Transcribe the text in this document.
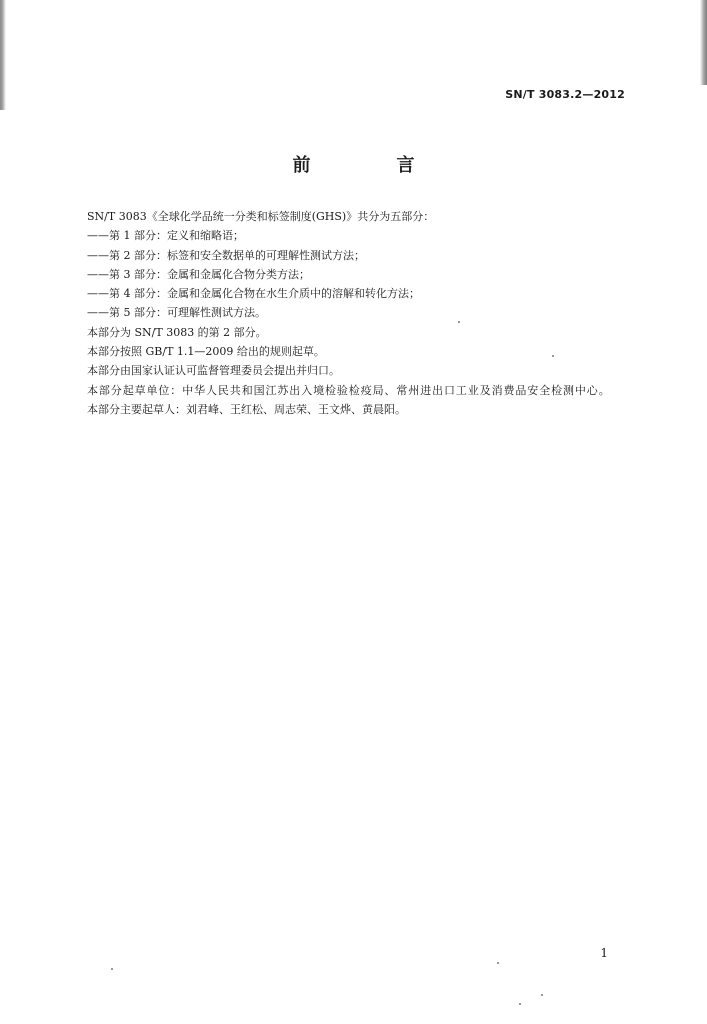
SN/T 3083.2—2012
前　言

SN/T 3083《全球化学品统一分类和标签制度(GHS)》共分为五部分：

——第 1 部分：定义和缩略语；

——第 2 部分：标签和安全数据单的可理解性测试方法；

——第 3 部分：金属和金属化合物分类方法；

——第 4 部分：金属和金属化合物在水生介质中的溶解和转化方法；

——第 5 部分：可理解性测试方法。

本部分为 SN/T 3083 的第 2 部分。

本部分按照 GB/T 1.1—2009 给出的规则起草。

本部分由国家认证认可监督管理委员会提出并归口。

本部分起草单位：中华人民共和国江苏出入境检验检疫局、常州进出口工业及消费品安全检测中心。

本部分主要起草人：刘君峰、王红松、周志荣、王文烨、黄晨阳。

1
